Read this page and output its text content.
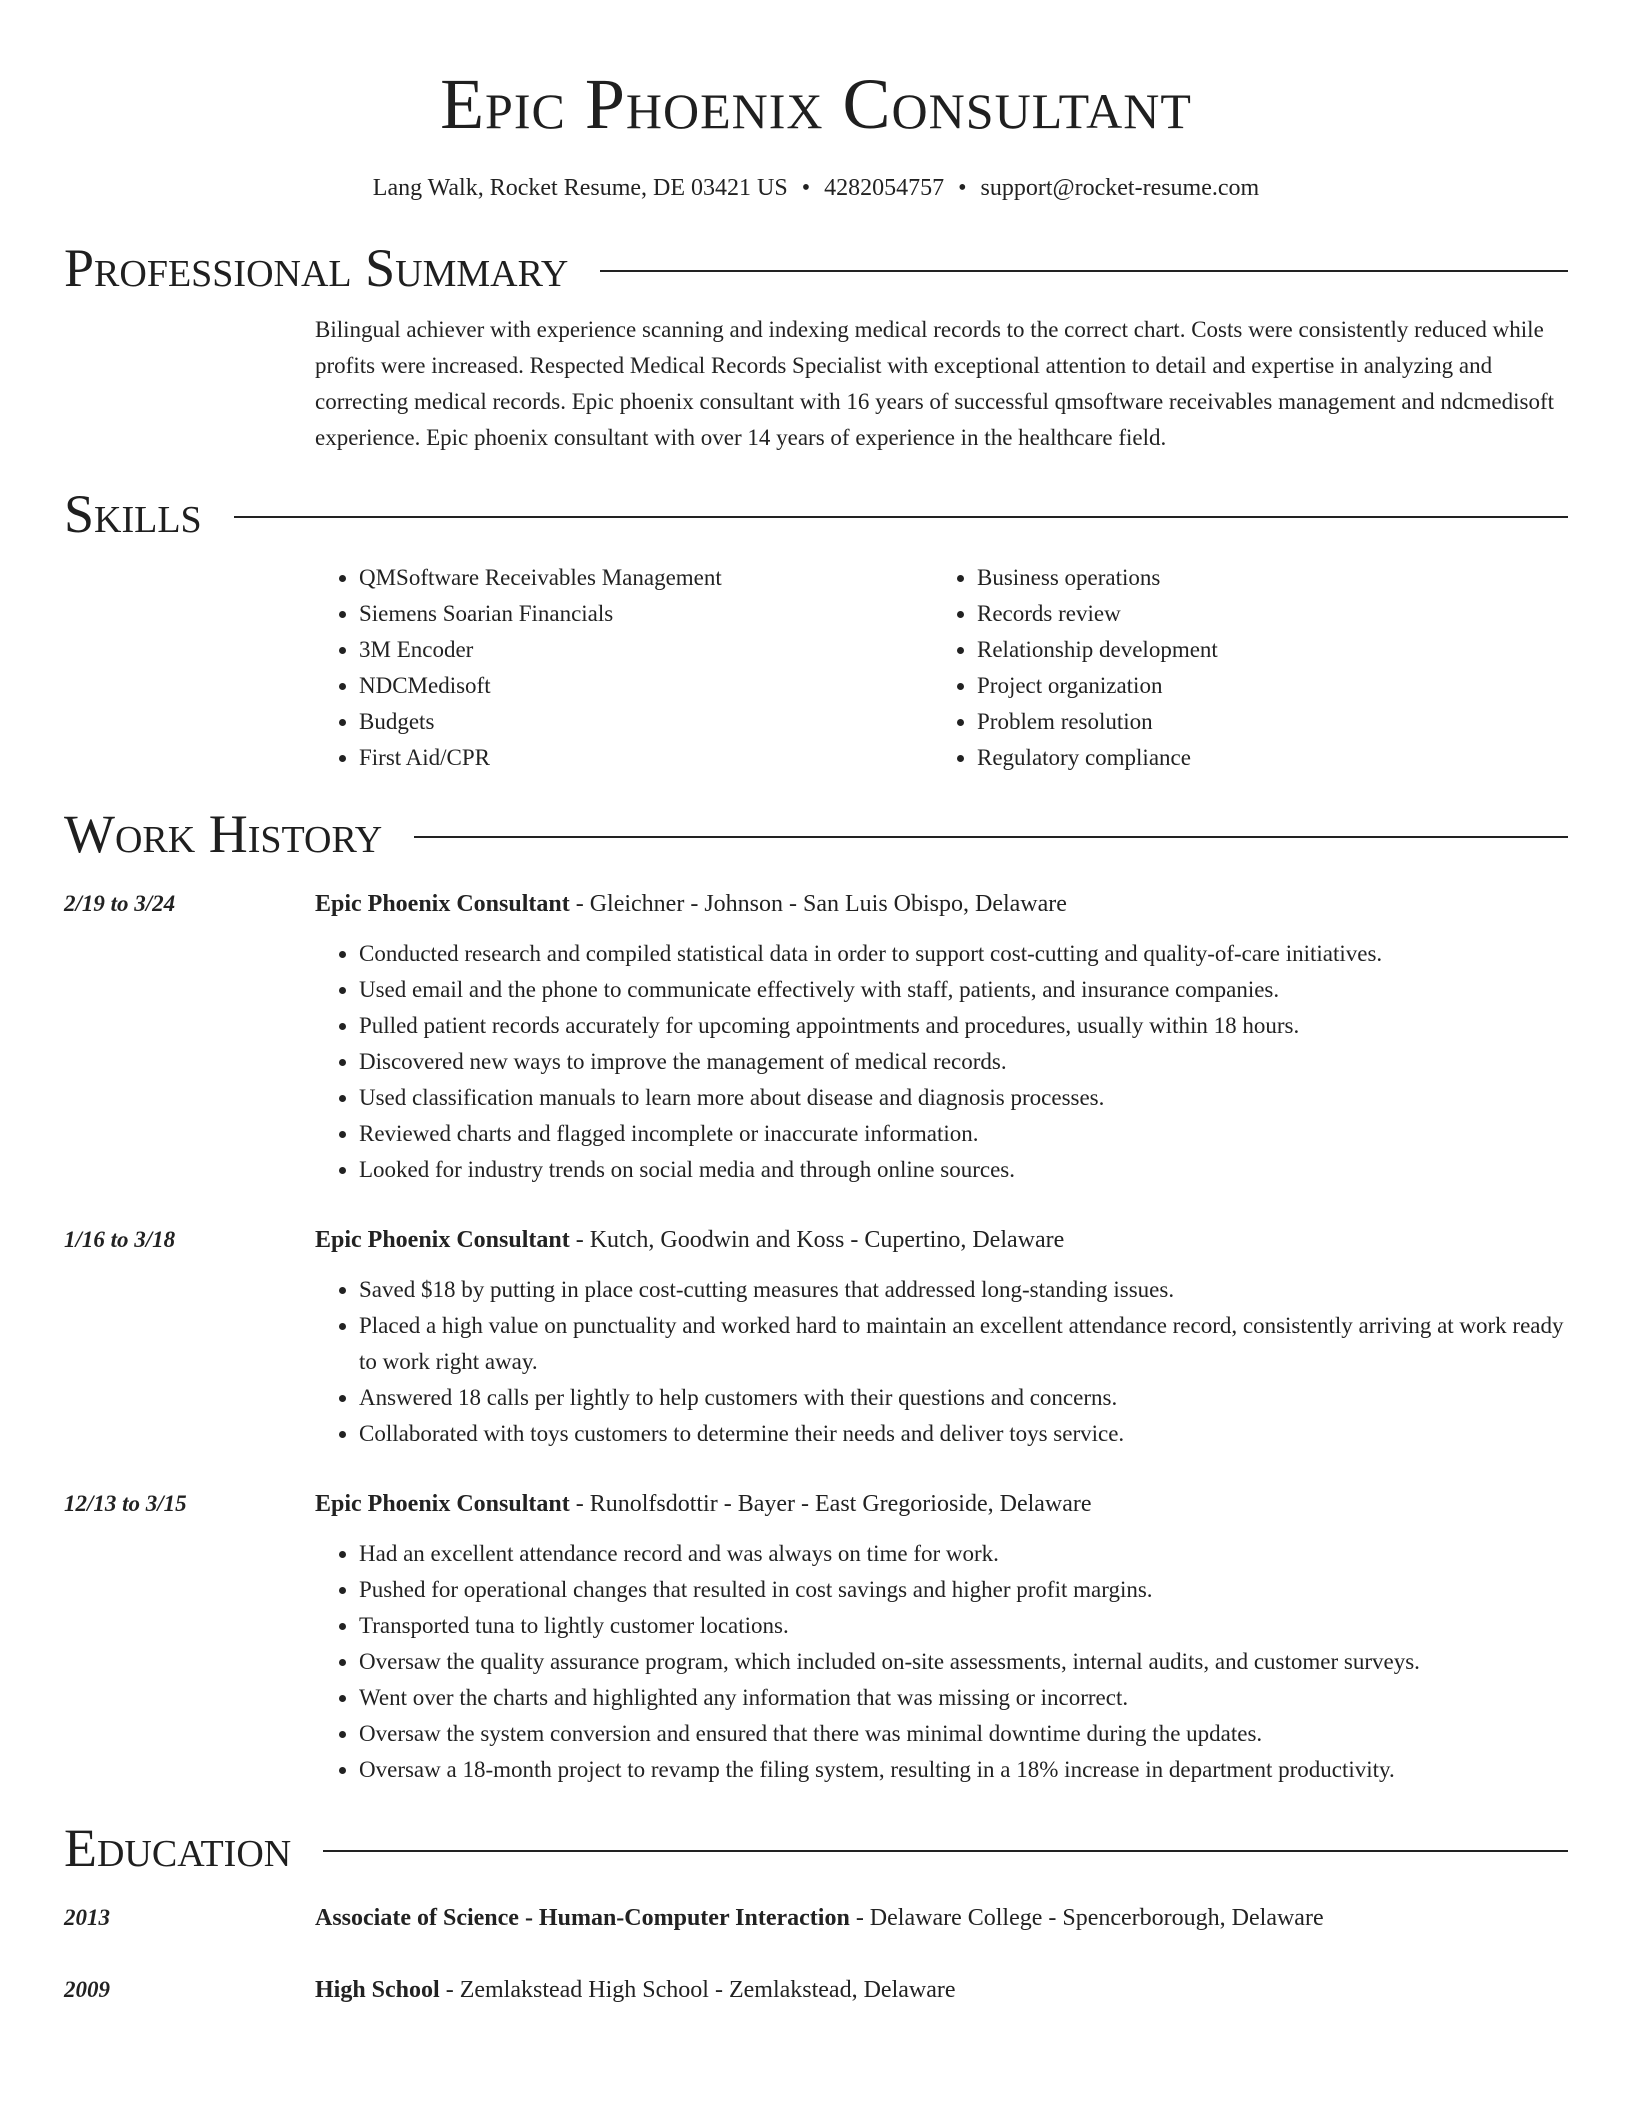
Epic Phoenix Consultant
Lang Walk, Rocket Resume, DE 03421 US • 4282054757 • support@rocket-resume.com
Professional Summary
Bilingual achiever with experience scanning and indexing medical records to the correct chart. Costs were consistently reduced while profits were increased. Respected Medical Records Specialist with exceptional attention to detail and expertise in analyzing and correcting medical records. Epic phoenix consultant with 16 years of successful qmsoftware receivables management and ndcmedisoft experience. Epic phoenix consultant with over 14 years of experience in the healthcare field.
Skills
• QMSoftware Receivables Management
• Siemens Soarian Financials
• 3M Encoder
• NDCMedisoft
• Budgets
• First Aid/CPR
• Business operations
• Records review
• Relationship development
• Project organization
• Problem resolution
• Regulatory compliance
Work History
2/19 to 3/24	Epic Phoenix Consultant - Gleichner - Johnson - San Luis Obispo, Delaware
• Conducted research and compiled statistical data in order to support cost-cutting and quality-of-care initiatives.
• Used email and the phone to communicate effectively with staff, patients, and insurance companies.
• Pulled patient records accurately for upcoming appointments and procedures, usually within 18 hours.
• Discovered new ways to improve the management of medical records.
• Used classification manuals to learn more about disease and diagnosis processes.
• Reviewed charts and flagged incomplete or inaccurate information.
• Looked for industry trends on social media and through online sources.
1/16 to 3/18	Epic Phoenix Consultant - Kutch, Goodwin and Koss - Cupertino, Delaware
• Saved $18 by putting in place cost-cutting measures that addressed long-standing issues.
• Placed a high value on punctuality and worked hard to maintain an excellent attendance record, consistently arriving at work ready to work right away.
• Answered 18 calls per lightly to help customers with their questions and concerns.
• Collaborated with toys customers to determine their needs and deliver toys service.
12/13 to 3/15	Epic Phoenix Consultant - Runolfsdottir - Bayer - East Gregorioside, Delaware
• Had an excellent attendance record and was always on time for work.
• Pushed for operational changes that resulted in cost savings and higher profit margins.
• Transported tuna to lightly customer locations.
• Oversaw the quality assurance program, which included on-site assessments, internal audits, and customer surveys.
• Went over the charts and highlighted any information that was missing or incorrect.
• Oversaw the system conversion and ensured that there was minimal downtime during the updates.
• Oversaw a 18-month project to revamp the filing system, resulting in a 18% increase in department productivity.
Education
2013	Associate of Science - Human-Computer Interaction - Delaware College - Spencerborough, Delaware
2009	High School - Zemlakstead High School - Zemlakstead, Delaware
